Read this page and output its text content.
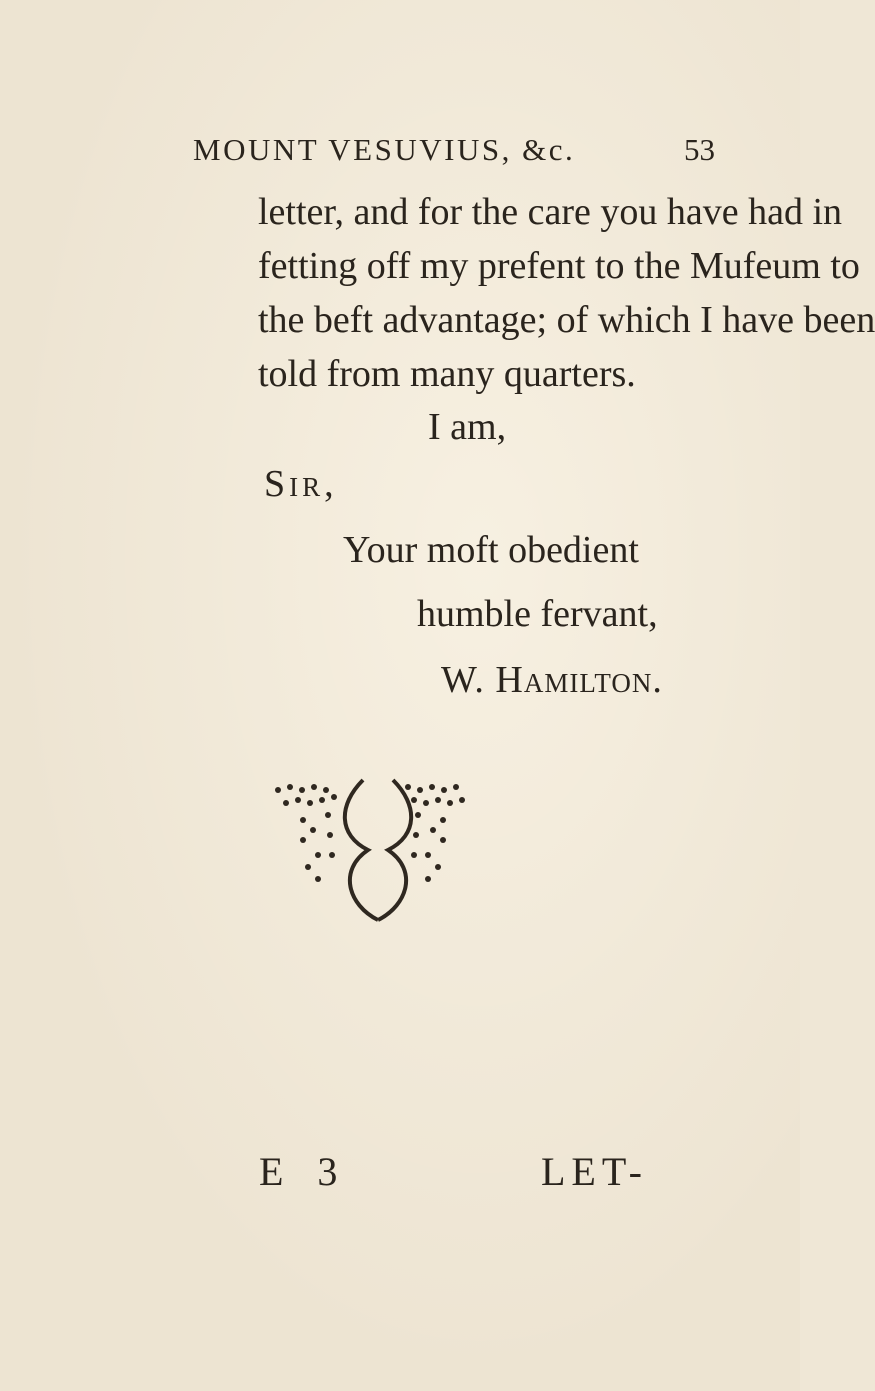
MOUNT VESUVIUS, &c.	53
letter, and for the care you have had in
fetting off my prefent to the Mufeum to
the beft advantage; of which I have been
told from many quarters.
I am,
Sir,
Your moft obedient
humble fervant,
W. Hamilton.
E 3	LET-
